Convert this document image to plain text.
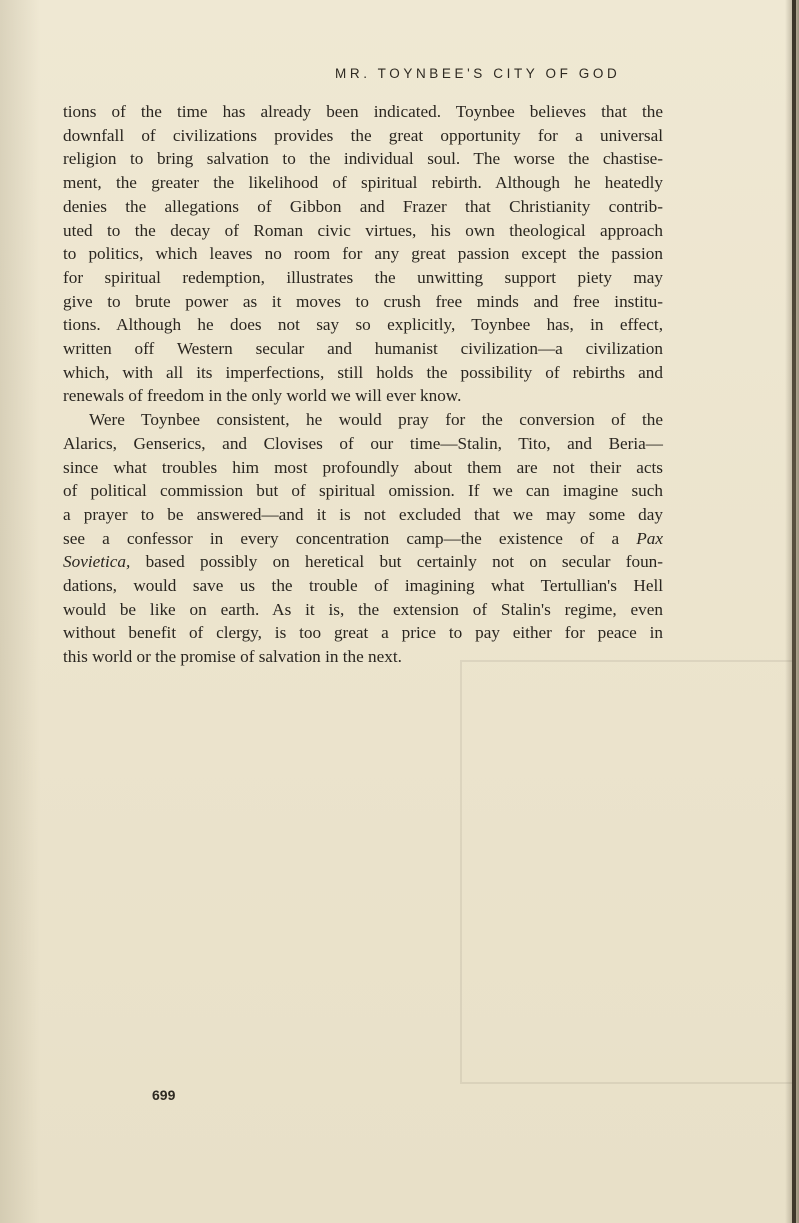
MR. TOYNBEE'S CITY OF GOD

tions of the time has already been indicated. Toynbee believes that the
downfall of civilizations provides the great opportunity for a universal
religion to bring salvation to the individual soul. The worse the chastise-
ment, the greater the likelihood of spiritual rebirth. Although he heatedly
denies the allegations of Gibbon and Frazer that Christianity contrib-
uted to the decay of Roman civic virtues, his own theological approach
to politics, which leaves no room for any great passion except the passion
for spiritual redemption, illustrates the unwitting support piety may
give to brute power as it moves to crush free minds and free institu-
tions. Although he does not say so explicitly, Toynbee has, in effect,
written off Western secular and humanist civilization—a civilization
which, with all its imperfections, still holds the possibility of rebirths and
renewals of freedom in the only world we will ever know.

Were Toynbee consistent, he would pray for the conversion of the
Alarics, Genserics, and Clovises of our time—Stalin, Tito, and Beria—
since what troubles him most profoundly about them are not their acts
of political commission but of spiritual omission. If we can imagine such
a prayer to be answered—and it is not excluded that we may some day
see a confessor in every concentration camp—the existence of a Pax
Sovietica, based possibly on heretical but certainly not on secular foun-
dations, would save us the trouble of imagining what Tertullian's Hell
would be like on earth. As it is, the extension of Stalin's regime, even
without benefit of clergy, is too great a price to pay either for peace in
this world or the promise of salvation in the next.

699
